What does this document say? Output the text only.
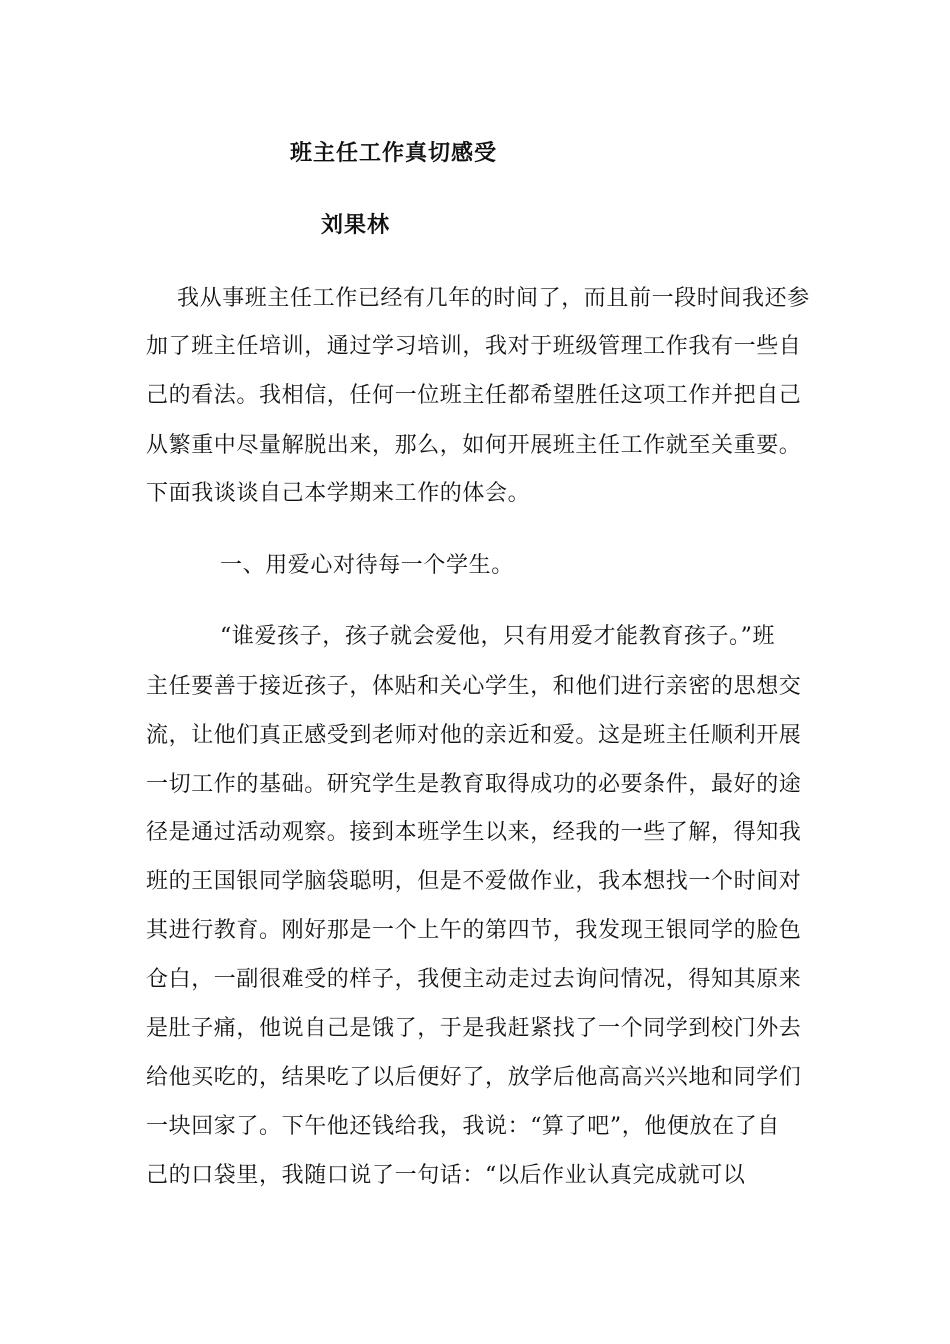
班主任工作真切感受
刘果林
我从事班主任工作已经有几年的时间了，而且前一段时间我还参
加了班主任培训，通过学习培训，我对于班级管理工作我有一些自
己的看法。我相信，任何一位班主任都希望胜任这项工作并把自己
从繁重中尽量解脱出来，那么，如何开展班主任工作就至关重要。
下面我谈谈自己本学期来工作的体会。
一、用爱心对待每一个学生。
“谁爱孩子，孩子就会爱他，只有用爱才能教育孩子。”班
主任要善于接近孩子，体贴和关心学生，和他们进行亲密的思想交
流，让他们真正感受到老师对他的亲近和爱。这是班主任顺利开展
一切工作的基础。研究学生是教育取得成功的必要条件，最好的途
径是通过活动观察。接到本班学生以来，经我的一些了解，得知我
班的王国银同学脑袋聪明，但是不爱做作业，我本想找一个时间对
其进行教育。刚好那是一个上午的第四节，我发现王银同学的脸色
仓白，一副很难受的样子，我便主动走过去询问情况，得知其原来
是肚子痛，他说自己是饿了，于是我赶紧找了一个同学到校门外去
给他买吃的，结果吃了以后便好了，放学后他高高兴兴地和同学们
一块回家了。下午他还钱给我，我说：“算了吧”，他便放在了自
己的口袋里，我随口说了一句话：“以后作业认真完成就可以
